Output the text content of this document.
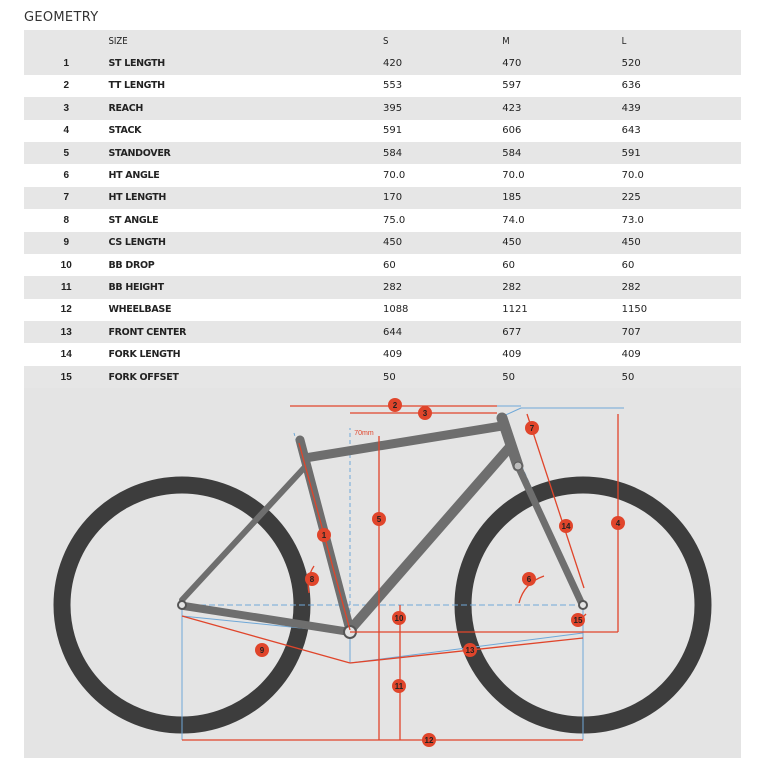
GEOMETRY
	SIZE	S	M	L
1	ST LENGTH	420	470	520
2	TT LENGTH	553	597	636
3	REACH	395	423	439
4	STACK	591	606	643
5	STANDOVER	584	584	591
6	HT ANGLE	70.0	70.0	70.0
7	HT LENGTH	170	185	225
8	ST ANGLE	75.0	74.0	73.0
9	CS LENGTH	450	450	450
10	BB DROP	60	60	60
11	BB HEIGHT	282	282	282
12	WHEELBASE	1088	1121	1150
13	FRONT CENTER	644	677	707
14	FORK LENGTH	409	409	409
15	FORK OFFSET	50	50	50
1
2
3
4
5
6
7
8
9
10
11
12
13
14
15
70mm
